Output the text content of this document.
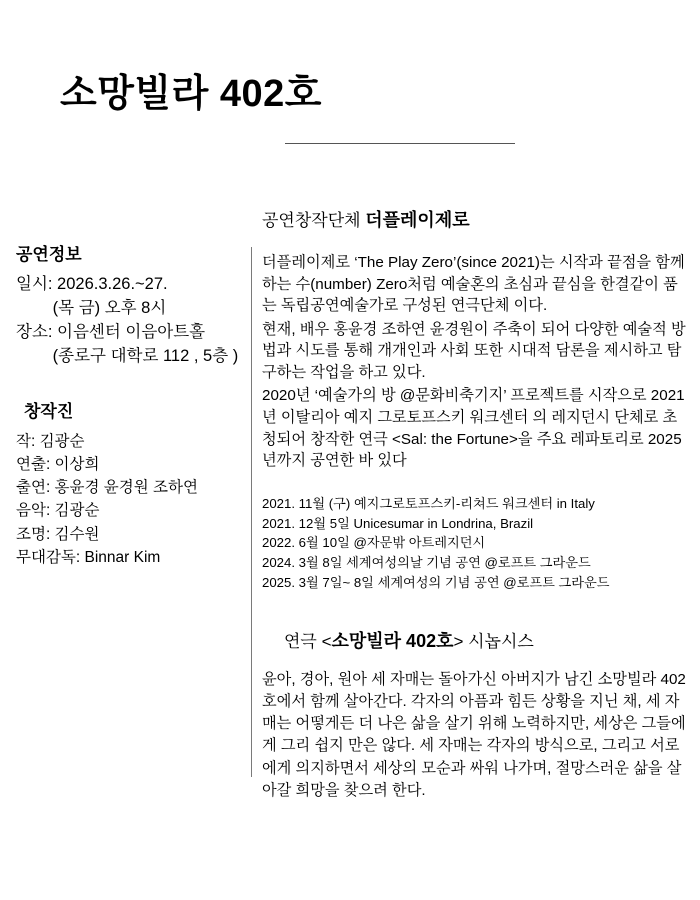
소망빌라 402호
공연정보
일시: 2026.3.26.~27.
(목 금) 오후 8시
장소: 이음센터 이음아트홀
(종로구 대학로 112 , 5층 )
창작진
작: 김광순
연출: 이상희
출연: 홍윤경 윤경원 조하연
음악: 김광순
조명: 김수원
무대감독: Binnar Kim
공연창작단체 더플레이제로
더플레이제로 ‘The Play Zero’(since 2021)는 시작과 끝점을 함께 하는 수(number) Zero처럼 예술혼의 초심과 끝심을 한결같이 품는 독립공연예술가로 구성된 연극단체 이다.
현재, 배우 홍윤경 조하연 윤경원이 주축이 되어 다양한 예술적 방법과 시도를 통해 개개인과 사회 또한 시대적 담론을 제시하고 탐구하는 작업을 하고 있다.
2020년 ‘예술가의 방 @문화비축기지’ 프로젝트를 시작으로 2021년 이탈리아 예지 그로토프스키 워크센터 의 레지던시 단체로 초청되어 창작한 연극 <Sal: the Fortune>을 주요 레파토리로 2025년까지 공연한 바 있다
2021. 11월 (구) 예지그로토프스키-리쳐드 워크센터 in Italy
2021. 12월 5일 Unicesumar in Londrina, Brazil
2022. 6월 10일 @자문밖 아트레지던시
2024. 3월 8일 세계여성의날 기념 공연 @로프트 그라운드
2025. 3월 7일~ 8일 세계여성의 기념 공연 @로프트 그라운드
연극 <소망빌라 402호> 시놉시스
윤아, 경아, 원아 세 자매는 돌아가신 아버지가 남긴 소망빌라 402호에서 함께 살아간다. 각자의 아픔과 힘든 상황을 지닌 채, 세 자매는 어떻게든 더 나은 삶을 살기 위해 노력하지만, 세상은 그들에게 그리 쉽지 만은 않다. 세 자매는 각자의 방식으로, 그리고 서로에게 의지하면서 세상의 모순과 싸워 나가며, 절망스러운 삶을 살아갈 희망을 찾으려 한다.
